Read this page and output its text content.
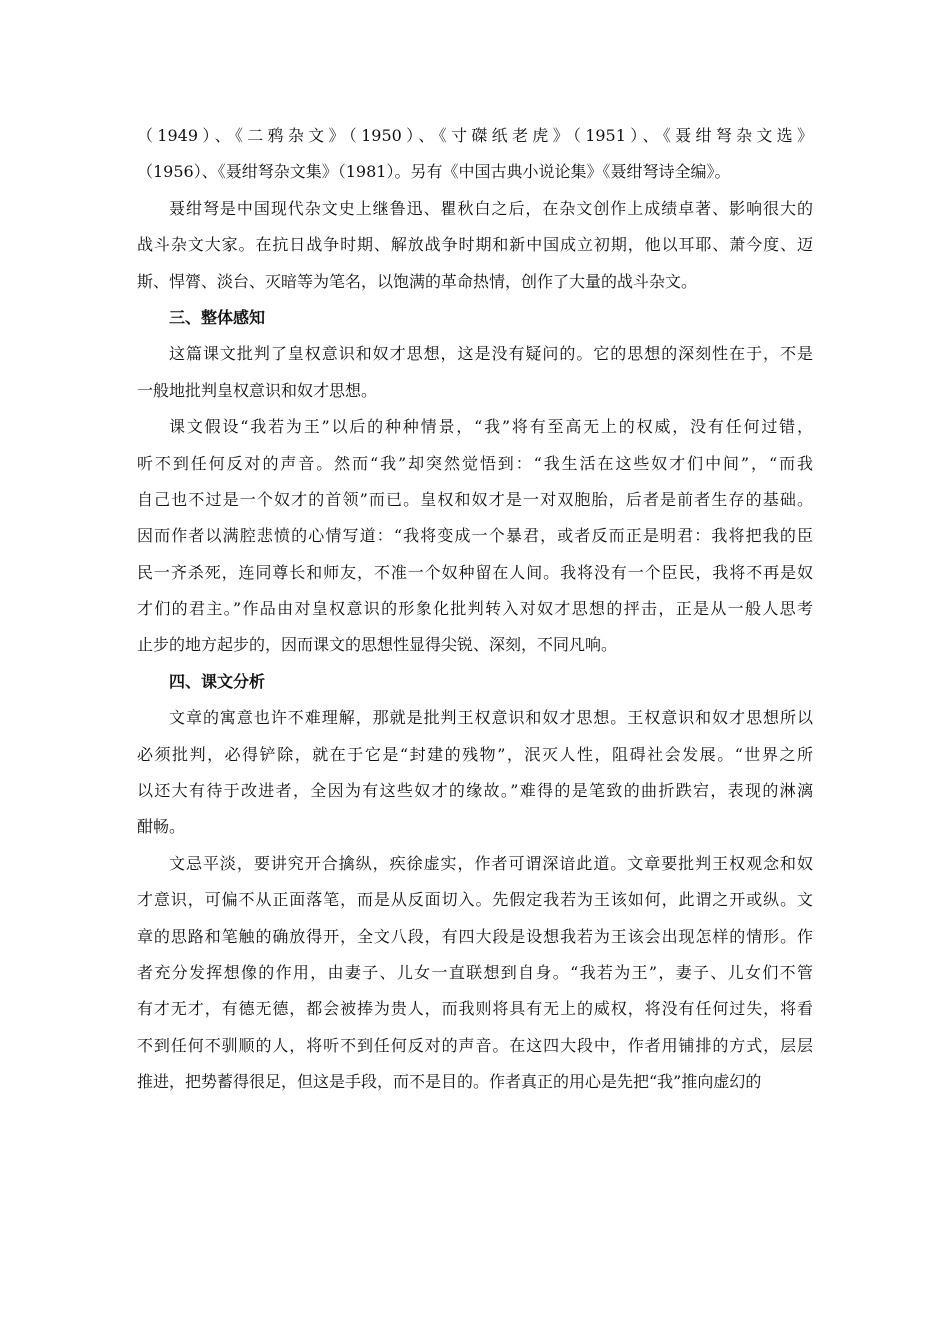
（1949）、《二鸦杂文》（1950）、《寸磔纸老虎》（1951）、《聂绀弩杂文选》
（1956）、《聂绀弩杂文集》（1981）。另有《中国古典小说论集》《聂绀弩诗全编》。
聂绀弩是中国现代杂文史上继鲁迅、瞿秋白之后，在杂文创作上成绩卓著、影响很大的
战斗杂文大家。在抗日战争时期、解放战争时期和新中国成立初期，他以耳耶、萧今度、迈
斯、悍膂、淡台、灭暗等为笔名，以饱满的革命热情，创作了大量的战斗杂文。
三、整体感知
这篇课文批判了皇权意识和奴才思想，这是没有疑问的。它的思想的深刻性在于，不是
一般地批判皇权意识和奴才思想。
课文假设“我若为王”以后的种种情景，“我”将有至高无上的权威，没有任何过错，
听不到任何反对的声音。然而“我”却突然觉悟到：“我生活在这些奴才们中间”，“而我
自己也不过是一个奴才的首领”而已。皇权和奴才是一对双胞胎，后者是前者生存的基础。
因而作者以满腔悲愤的心情写道：“我将变成一个暴君，或者反而正是明君：我将把我的臣
民一齐杀死，连同尊长和师友，不准一个奴种留在人间。我将没有一个臣民，我将不再是奴
才们的君主。”作品由对皇权意识的形象化批判转入对奴才思想的抨击，正是从一般人思考
止步的地方起步的，因而课文的思想性显得尖锐、深刻，不同凡响。
四、课文分析
文章的寓意也许不难理解，那就是批判王权意识和奴才思想。王权意识和奴才思想所以
必须批判，必得铲除，就在于它是“封建的残物”，泯灭人性，阻碍社会发展。“世界之所
以还大有待于改进者，全因为有这些奴才的缘故。”难得的是笔致的曲折跌宕，表现的淋漓
酣畅。
文忌平淡，要讲究开合擒纵，疾徐虚实，作者可谓深谙此道。文章要批判王权观念和奴
才意识，可偏不从正面落笔，而是从反面切入。先假定我若为王该如何，此谓之开或纵。文
章的思路和笔触的确放得开，全文八段，有四大段是设想我若为王该会出现怎样的情形。作
者充分发挥想像的作用，由妻子、儿女一直联想到自身。“我若为王”，妻子、儿女们不管
有才无才，有德无德，都会被捧为贵人，而我则将具有无上的威权，将没有任何过失，将看
不到任何不驯顺的人，将听不到任何反对的声音。在这四大段中，作者用铺排的方式，层层
推进，把势蓄得很足，但这是手段，而不是目的。作者真正的用心是先把“我”推向虚幻的
